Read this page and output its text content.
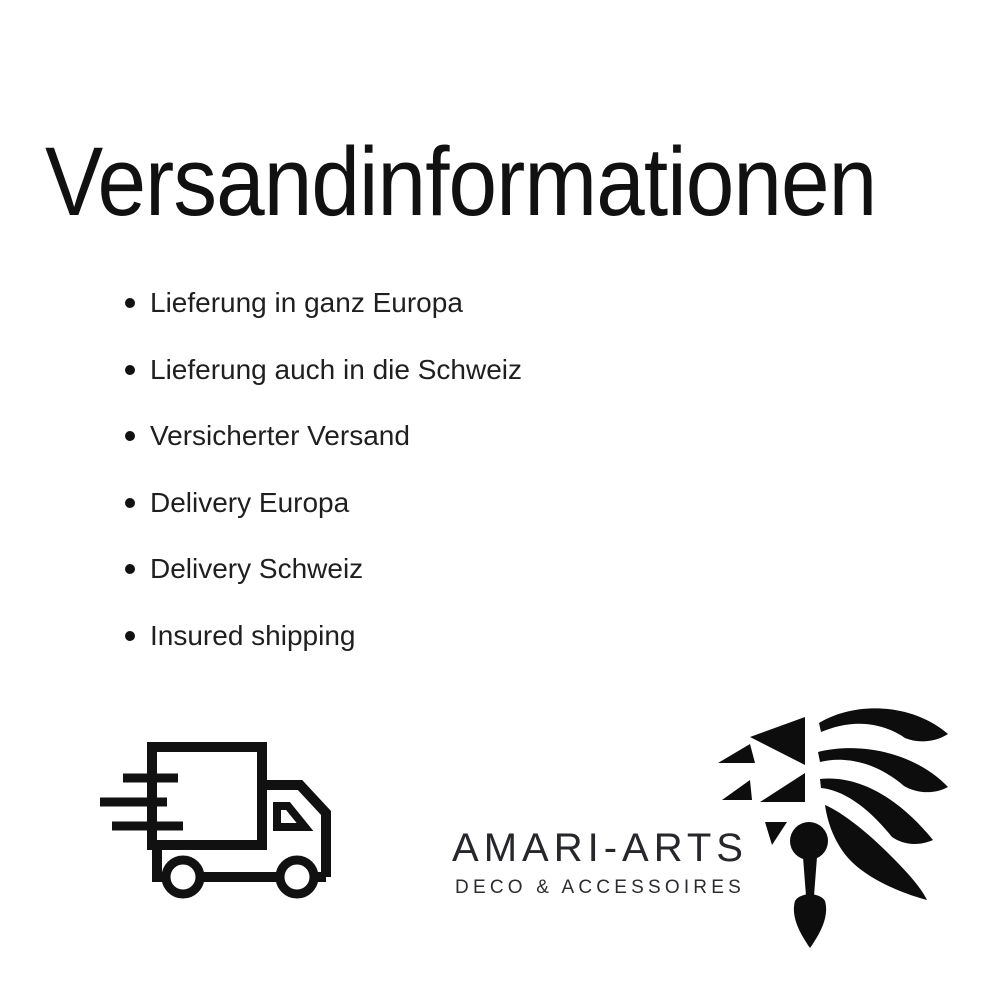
Versandinformationen
Lieferung in ganz Europa
Lieferung auch in die Schweiz
Versicherter Versand
Delivery Europa
Delivery Schweiz
Insured shipping
AMARI-ARTS

DECO & ACCESSOIRES
